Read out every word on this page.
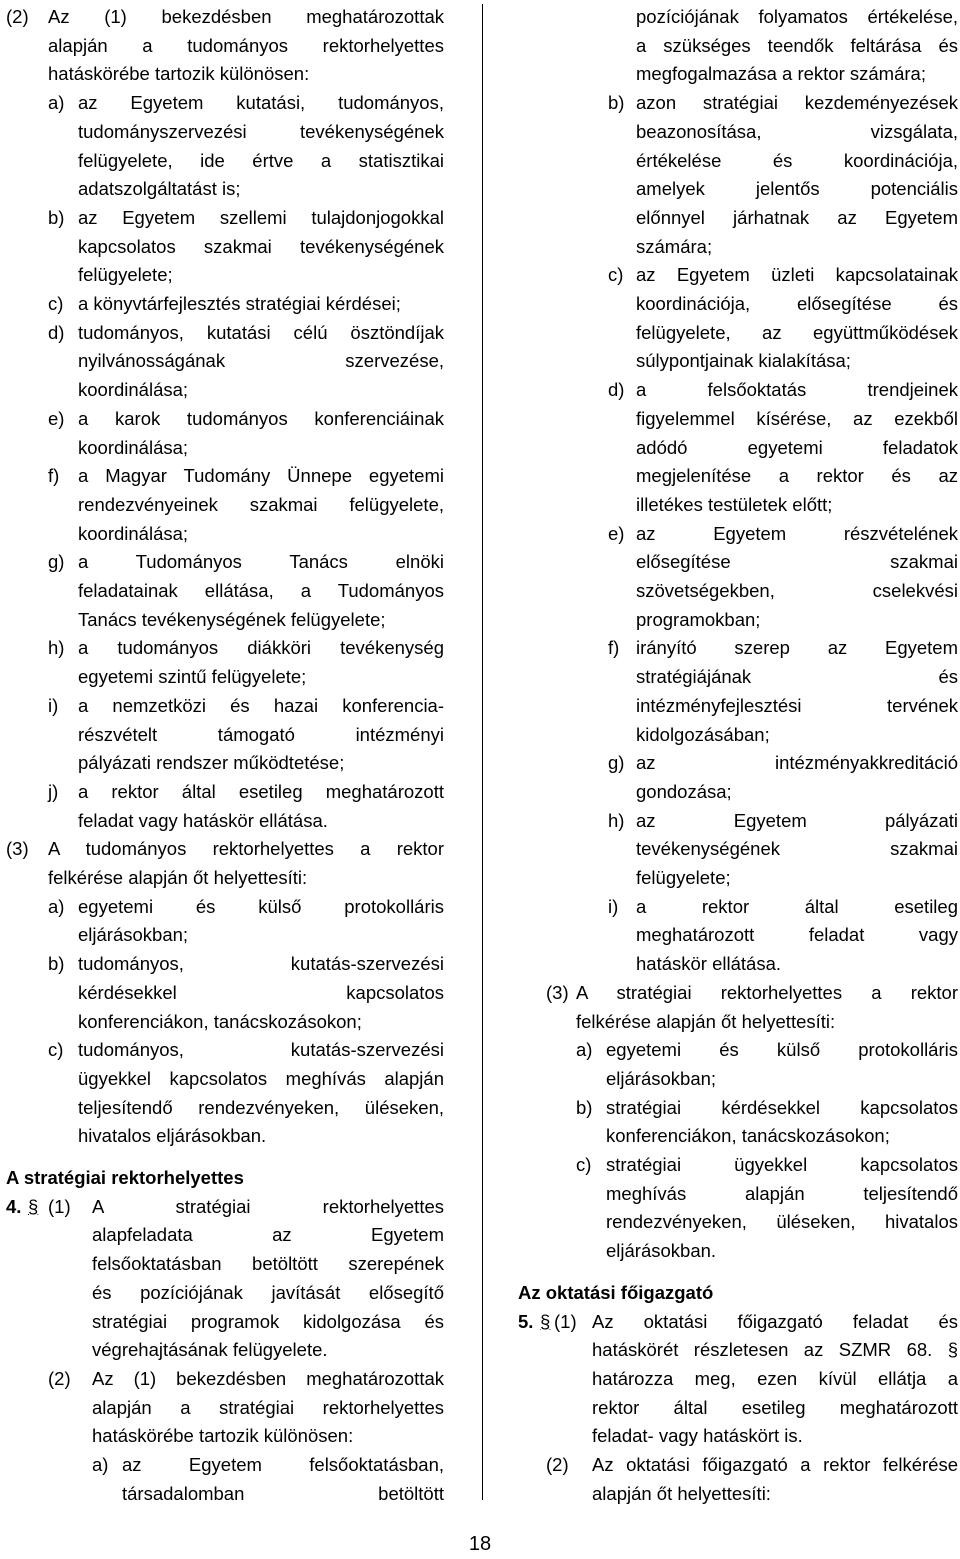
(2) Az (1) bekezdésben meghatározottak
alapján a tudományos rektorhelyettes
hatáskörébe tartozik különösen:
a) az Egyetem kutatási, tudományos,
tudományszervezési tevékenységének
felügyelete, ide értve a statisztikai
adatszolgáltatást is;
b) az Egyetem szellemi tulajdonjogokkal
kapcsolatos szakmai tevékenységének
felügyelete;
c) a könyvtárfejlesztés stratégiai kérdései;
d) tudományos, kutatási célú ösztöndíjak
nyilvánosságának szervezése,
koordinálása;
e) a karok tudományos konferenciáinak
koordinálása;
f) a Magyar Tudomány Ünnepe egyetemi
rendezvényeinek szakmai felügyelete,
koordinálása;
g) a Tudományos Tanács elnöki
feladatainak ellátása, a Tudományos
Tanács tevékenységének felügyelete;
h) a tudományos diákköri tevékenység
egyetemi szintű felügyelete;
i) a nemzetközi és hazai konferencia-
részvételt támogató intézményi
pályázati rendszer működtetése;
j) a rektor által esetileg meghatározott
feladat vagy hatáskör ellátása.
(3) A tudományos rektorhelyettes a rektor
felkérése alapján őt helyettesíti:
a) egyetemi és külső protokolláris
eljárásokban;
b) tudományos, kutatás-szervezési
kérdésekkel kapcsolatos
konferenciákon, tanácskozásokon;
c) tudományos, kutatás-szervezési
ügyekkel kapcsolatos meghívás alapján
teljesítendő rendezvényeken, üléseken,
hivatalos eljárásokban.
A stratégiai rektorhelyettes
4. § (1) A stratégiai rektorhelyettes
alapfeladata az Egyetem
felsőoktatásban betöltött szerepének
és pozíciójának javítását elősegítő
stratégiai programok kidolgozása és
végrehajtásának felügyelete.
(2) Az (1) bekezdésben meghatározottak
alapján a stratégiai rektorhelyettes
hatáskörébe tartozik különösen:
a) az Egyetem felsőoktatásban,
társadalomban betöltött
pozíciójának folyamatos értékelése,
a szükséges teendők feltárása és
megfogalmazása a rektor számára;
b) azon stratégiai kezdeményezések
beazonosítása, vizsgálata,
értékelése és koordinációja,
amelyek jelentős potenciális
előnnyel járhatnak az Egyetem
számára;
c) az Egyetem üzleti kapcsolatainak
koordinációja, elősegítése és
felügyelete, az együttműködések
súlypontjainak kialakítása;
d) a felsőoktatás trendjeinek
figyelemmel kísérése, az ezekből
adódó egyetemi feladatok
megjelenítése a rektor és az
illetékes testületek előtt;
e) az Egyetem részvételének
elősegítése szakmai
szövetségekben, cselekvési
programokban;
f) irányító szerep az Egyetem
stratégiájának és
intézményfejlesztési tervének
kidolgozásában;
g) az intézményakkreditáció
gondozása;
h) az Egyetem pályázati
tevékenységének szakmai
felügyelete;
i) a rektor által esetileg
meghatározott feladat vagy
hatáskör ellátása.
(3) A stratégiai rektorhelyettes a rektor
felkérése alapján őt helyettesíti:
a) egyetemi és külső protokolláris
eljárásokban;
b) stratégiai kérdésekkel kapcsolatos
konferenciákon, tanácskozásokon;
c) stratégiai ügyekkel kapcsolatos
meghívás alapján teljesítendő
rendezvényeken, üléseken, hivatalos
eljárásokban.
Az oktatási főigazgató
5. § (1) Az oktatási főigazgató feladat és
hatáskörét részletesen az SZMR 68. §
határozza meg, ezen kívül ellátja a
rektor által esetileg meghatározott
feladat- vagy hatáskört is.
(2) Az oktatási főigazgató a rektor felkérése
alapján őt helyettesíti:
18
